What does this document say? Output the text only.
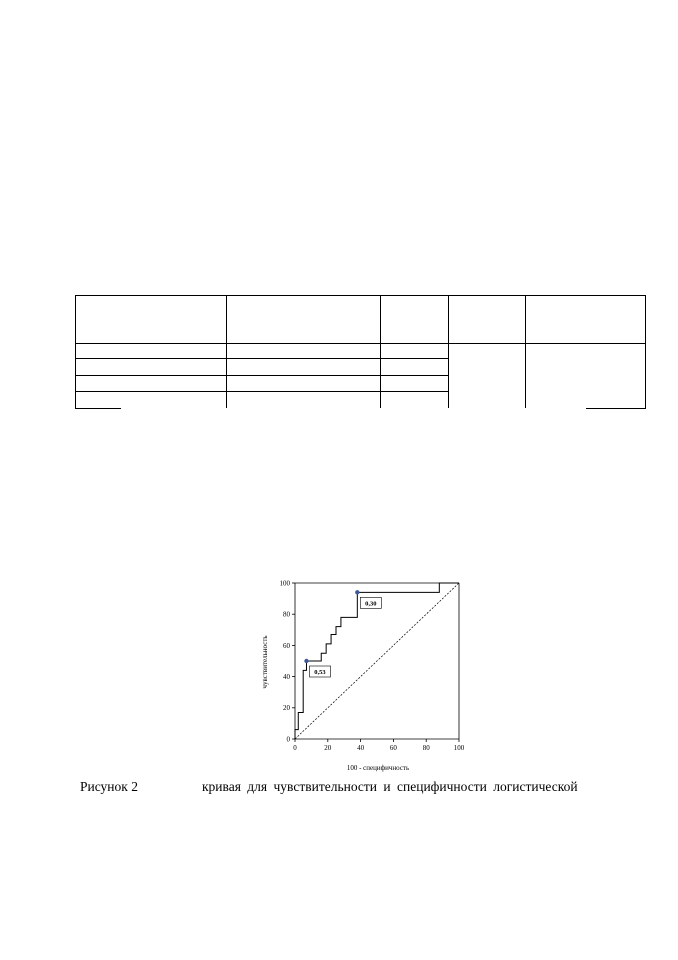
0	20	40	60	80	100
0
20
40
60
80
100
0,53
0,30
100 - специфичность
чувствительность
Рисунок 2	кривая для чувствительности и специфичности логистической
